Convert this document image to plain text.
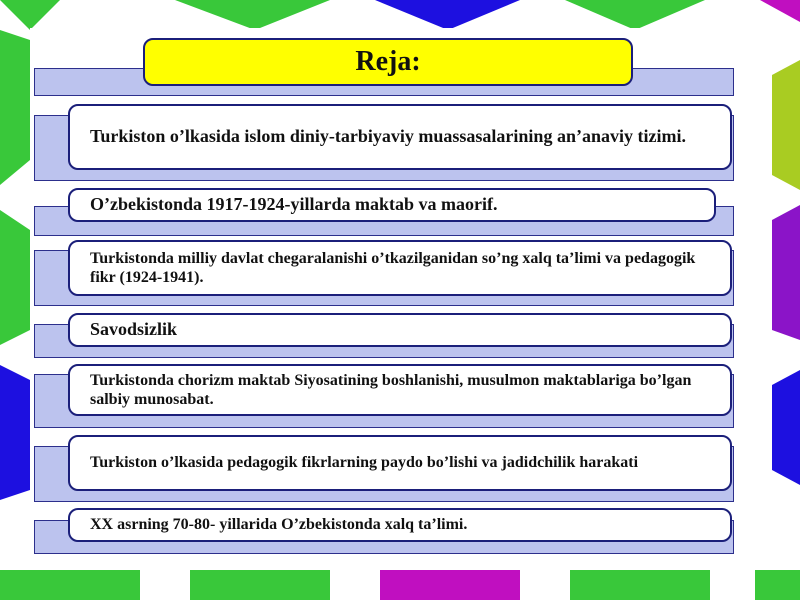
Reja:
Turkiston o’lkasida islom diniy-tarbiyaviy muassasalarining an’anaviy tizimi.
O’zbekistonda 1917-1924-yillarda maktab va maorif.
Turkistonda milliy davlat chegaralanishi o’tkazilganidan so’ng xalq ta’limi va pedagogik fikr (1924-1941).
Savodsizlik
Turkistonda chorizm maktab Siyosatining boshlanishi, musulmon maktablariga bo’lgan salbiy munosabat.
Turkiston o’lkasida pedagogik fikrlarning paydo bo’lishi va jadidchilik harakati
XX asrning 70-80- yillarida O’zbekistonda xalq ta’limi.
